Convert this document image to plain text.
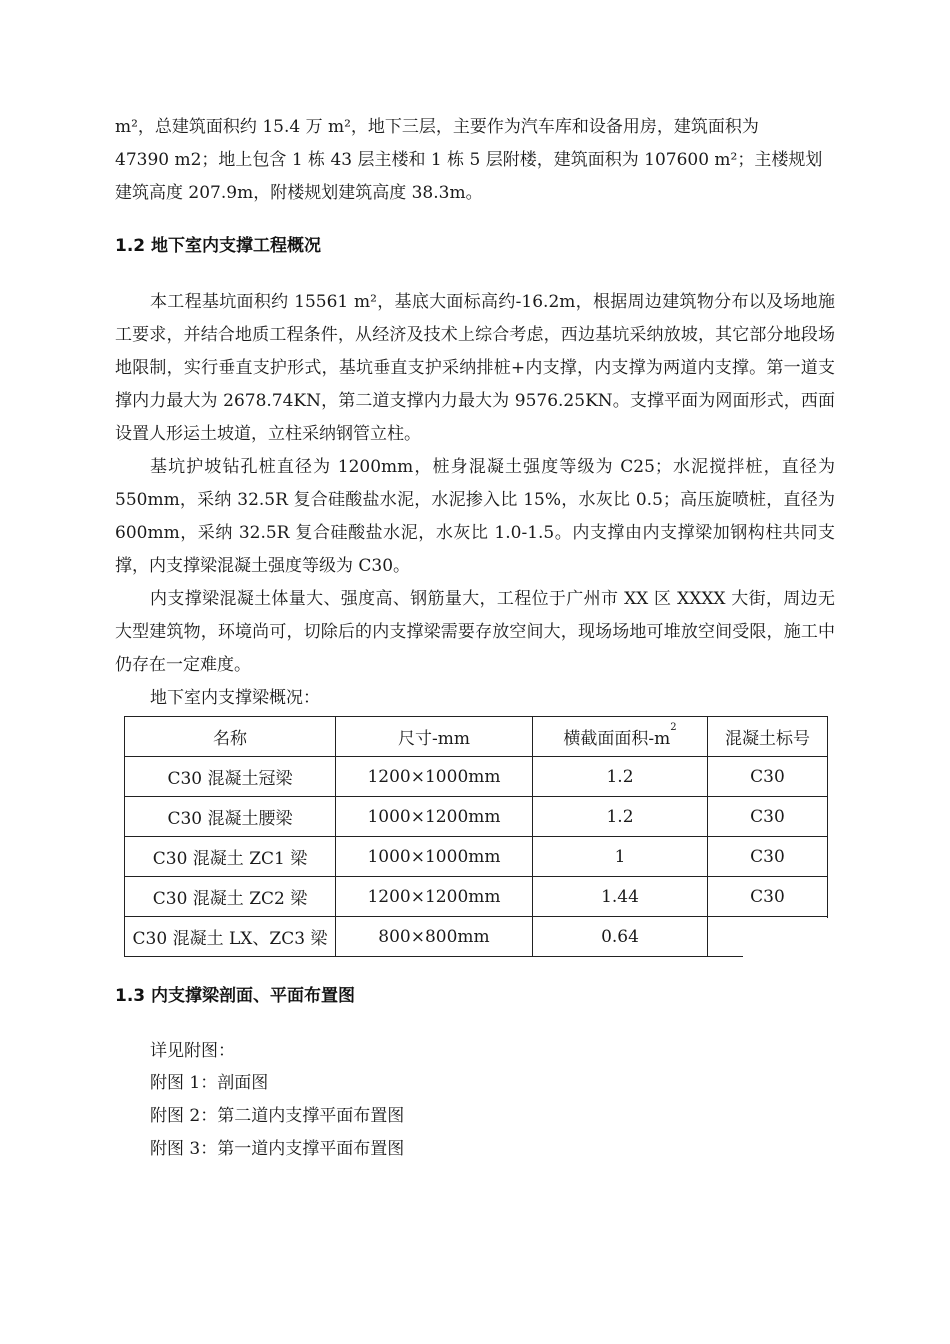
m²，总建筑面积约 15.4 万 m²，地下三层，主要作为汽车库和设备用房，建筑面积为
47390 m2；地上包含 1 栋 43 层主楼和 1 栋 5 层附楼，建筑面积为 107600 m²；主楼规划
建筑高度 207.9m，附楼规划建筑高度 38.3m。

1.2 地下室内支撑工程概况

本工程基坑面积约 15561 m²，基底大面标高约-16.2m，根据周边建筑物分布以及场地施工要求，并结合地质工程条件，从经济及技术上综合考虑，西边基坑采纳放坡，其它部分地段场地限制，实行垂直支护形式，基坑垂直支护采纳排桩+内支撑，内支撑为两道内支撑。第一道支撑内力最大为 2678.74KN，第二道支撑内力最大为 9576.25KN。支撑平面为网面形式，西面设置人形运土坡道，立柱采纳钢管立柱。

基坑护坡钻孔桩直径为 1200mm，桩身混凝土强度等级为 C25；水泥搅拌桩，直径为 550mm，采纳 32.5R 复合硅酸盐水泥，水泥掺入比 15%，水灰比 0.5；高压旋喷桩，直径为 600mm，采纳 32.5R 复合硅酸盐水泥，水灰比 1.0-1.5。内支撑由内支撑梁加钢构柱共同支撑，内支撑梁混凝土强度等级为 C30。

内支撑梁混凝土体量大、强度高、钢筋量大，工程位于广州市 XX 区 XXXX 大街，周边无大型建筑物，环境尚可，切除后的内支撑梁需要存放空间大，现场场地可堆放空间受限，施工中仍存在一定难度。

地下室内支撑梁概况：

名称	尺寸-mm	横截面面积$-m^2$	混凝土标号
C30 混凝土冠梁	1200×1000mm	1.2	C30
C30 混凝土腰梁	1000×1200mm	1.2	C30
C30 混凝土 ZC1 梁	1000×1000mm	1	C30
C30 混凝土 ZC2 梁	1200×1200mm	1.44	C30
C30 混凝土 LX、ZC3 梁	800×800mm	0.64	
1.3 内支撑梁剖面、平面布置图

详见附图：

附图 1：剖面图

附图 2：第二道内支撑平面布置图

附图 3：第一道内支撑平面布置图
